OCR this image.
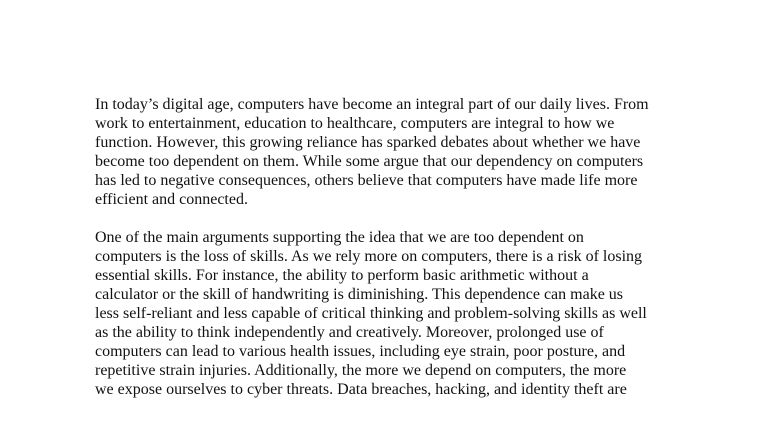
In today’s digital age, computers have become an integral part of our daily lives. From
work to entertainment, education to healthcare, computers are integral to how we
function. However, this growing reliance has sparked debates about whether we have
become too dependent on them. While some argue that our dependency on computers
has led to negative consequences, others believe that computers have made life more
efficient and connected.

One of the main arguments supporting the idea that we are too dependent on
computers is the loss of skills. As we rely more on computers, there is a risk of losing
essential skills. For instance, the ability to perform basic arithmetic without a
calculator or the skill of handwriting is diminishing. This dependence can make us
less self-reliant and less capable of critical thinking and problem-solving skills as well
as the ability to think independently and creatively. Moreover, prolonged use of
computers can lead to various health issues, including eye strain, poor posture, and
repetitive strain injuries. Additionally, the more we depend on computers, the more
we expose ourselves to cyber threats. Data breaches, hacking, and identity theft are
